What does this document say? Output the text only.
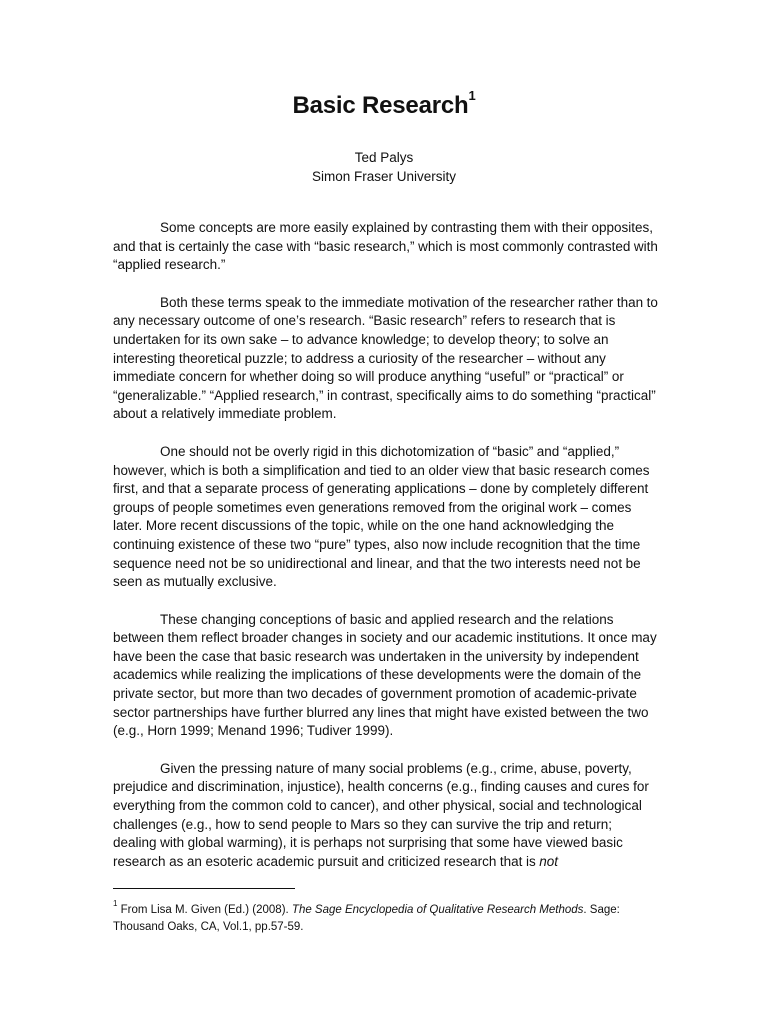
Basic Research$^1$
Ted Palys
Simon Fraser University

Some concepts are more easily explained by contrasting them with their opposites, and that is certainly the case with “basic research,” which is most commonly contrasted with “applied research.”

Both these terms speak to the immediate motivation of the researcher rather than to any necessary outcome of one’s research. “Basic research” refers to research that is undertaken for its own sake – to advance knowledge; to develop theory; to solve an interesting theoretical puzzle; to address a curiosity of the researcher – without any immediate concern for whether doing so will produce anything “useful” or “practical” or “generalizable.” “Applied research,” in contrast, specifically aims to do something “practical” about a relatively immediate problem.

One should not be overly rigid in this dichotomization of “basic” and “applied,” however, which is both a simplification and tied to an older view that basic research comes first, and that a separate process of generating applications – done by completely different groups of people sometimes even generations removed from the original work – comes later. More recent discussions of the topic, while on the one hand acknowledging the continuing existence of these two “pure” types, also now include recognition that the time sequence need not be so unidirectional and linear, and that the two interests need not be seen as mutually exclusive.

These changing conceptions of basic and applied research and the relations between them reflect broader changes in society and our academic institutions. It once may have been the case that basic research was undertaken in the university by independent academics while realizing the implications of these developments were the domain of the private sector, but more than two decades of government promotion of academic-private sector partnerships have further blurred any lines that might have existed between the two (e.g., Horn 1999; Menand 1996; Tudiver 1999).

Given the pressing nature of many social problems (e.g., crime, abuse, poverty, prejudice and discrimination, injustice), health concerns (e.g., finding causes and cures for everything from the common cold to cancer), and other physical, social and technological challenges (e.g., how to send people to Mars so they can survive the trip and return; dealing with global warming), it is perhaps not surprising that some have viewed basic research as an esoteric academic pursuit and criticized research that is not

$^1$ From Lisa M. Given (Ed.) (2008). The Sage Encyclopedia of Qualitative Research Methods. Sage: Thousand Oaks, CA, Vol.1, pp.57-59.
